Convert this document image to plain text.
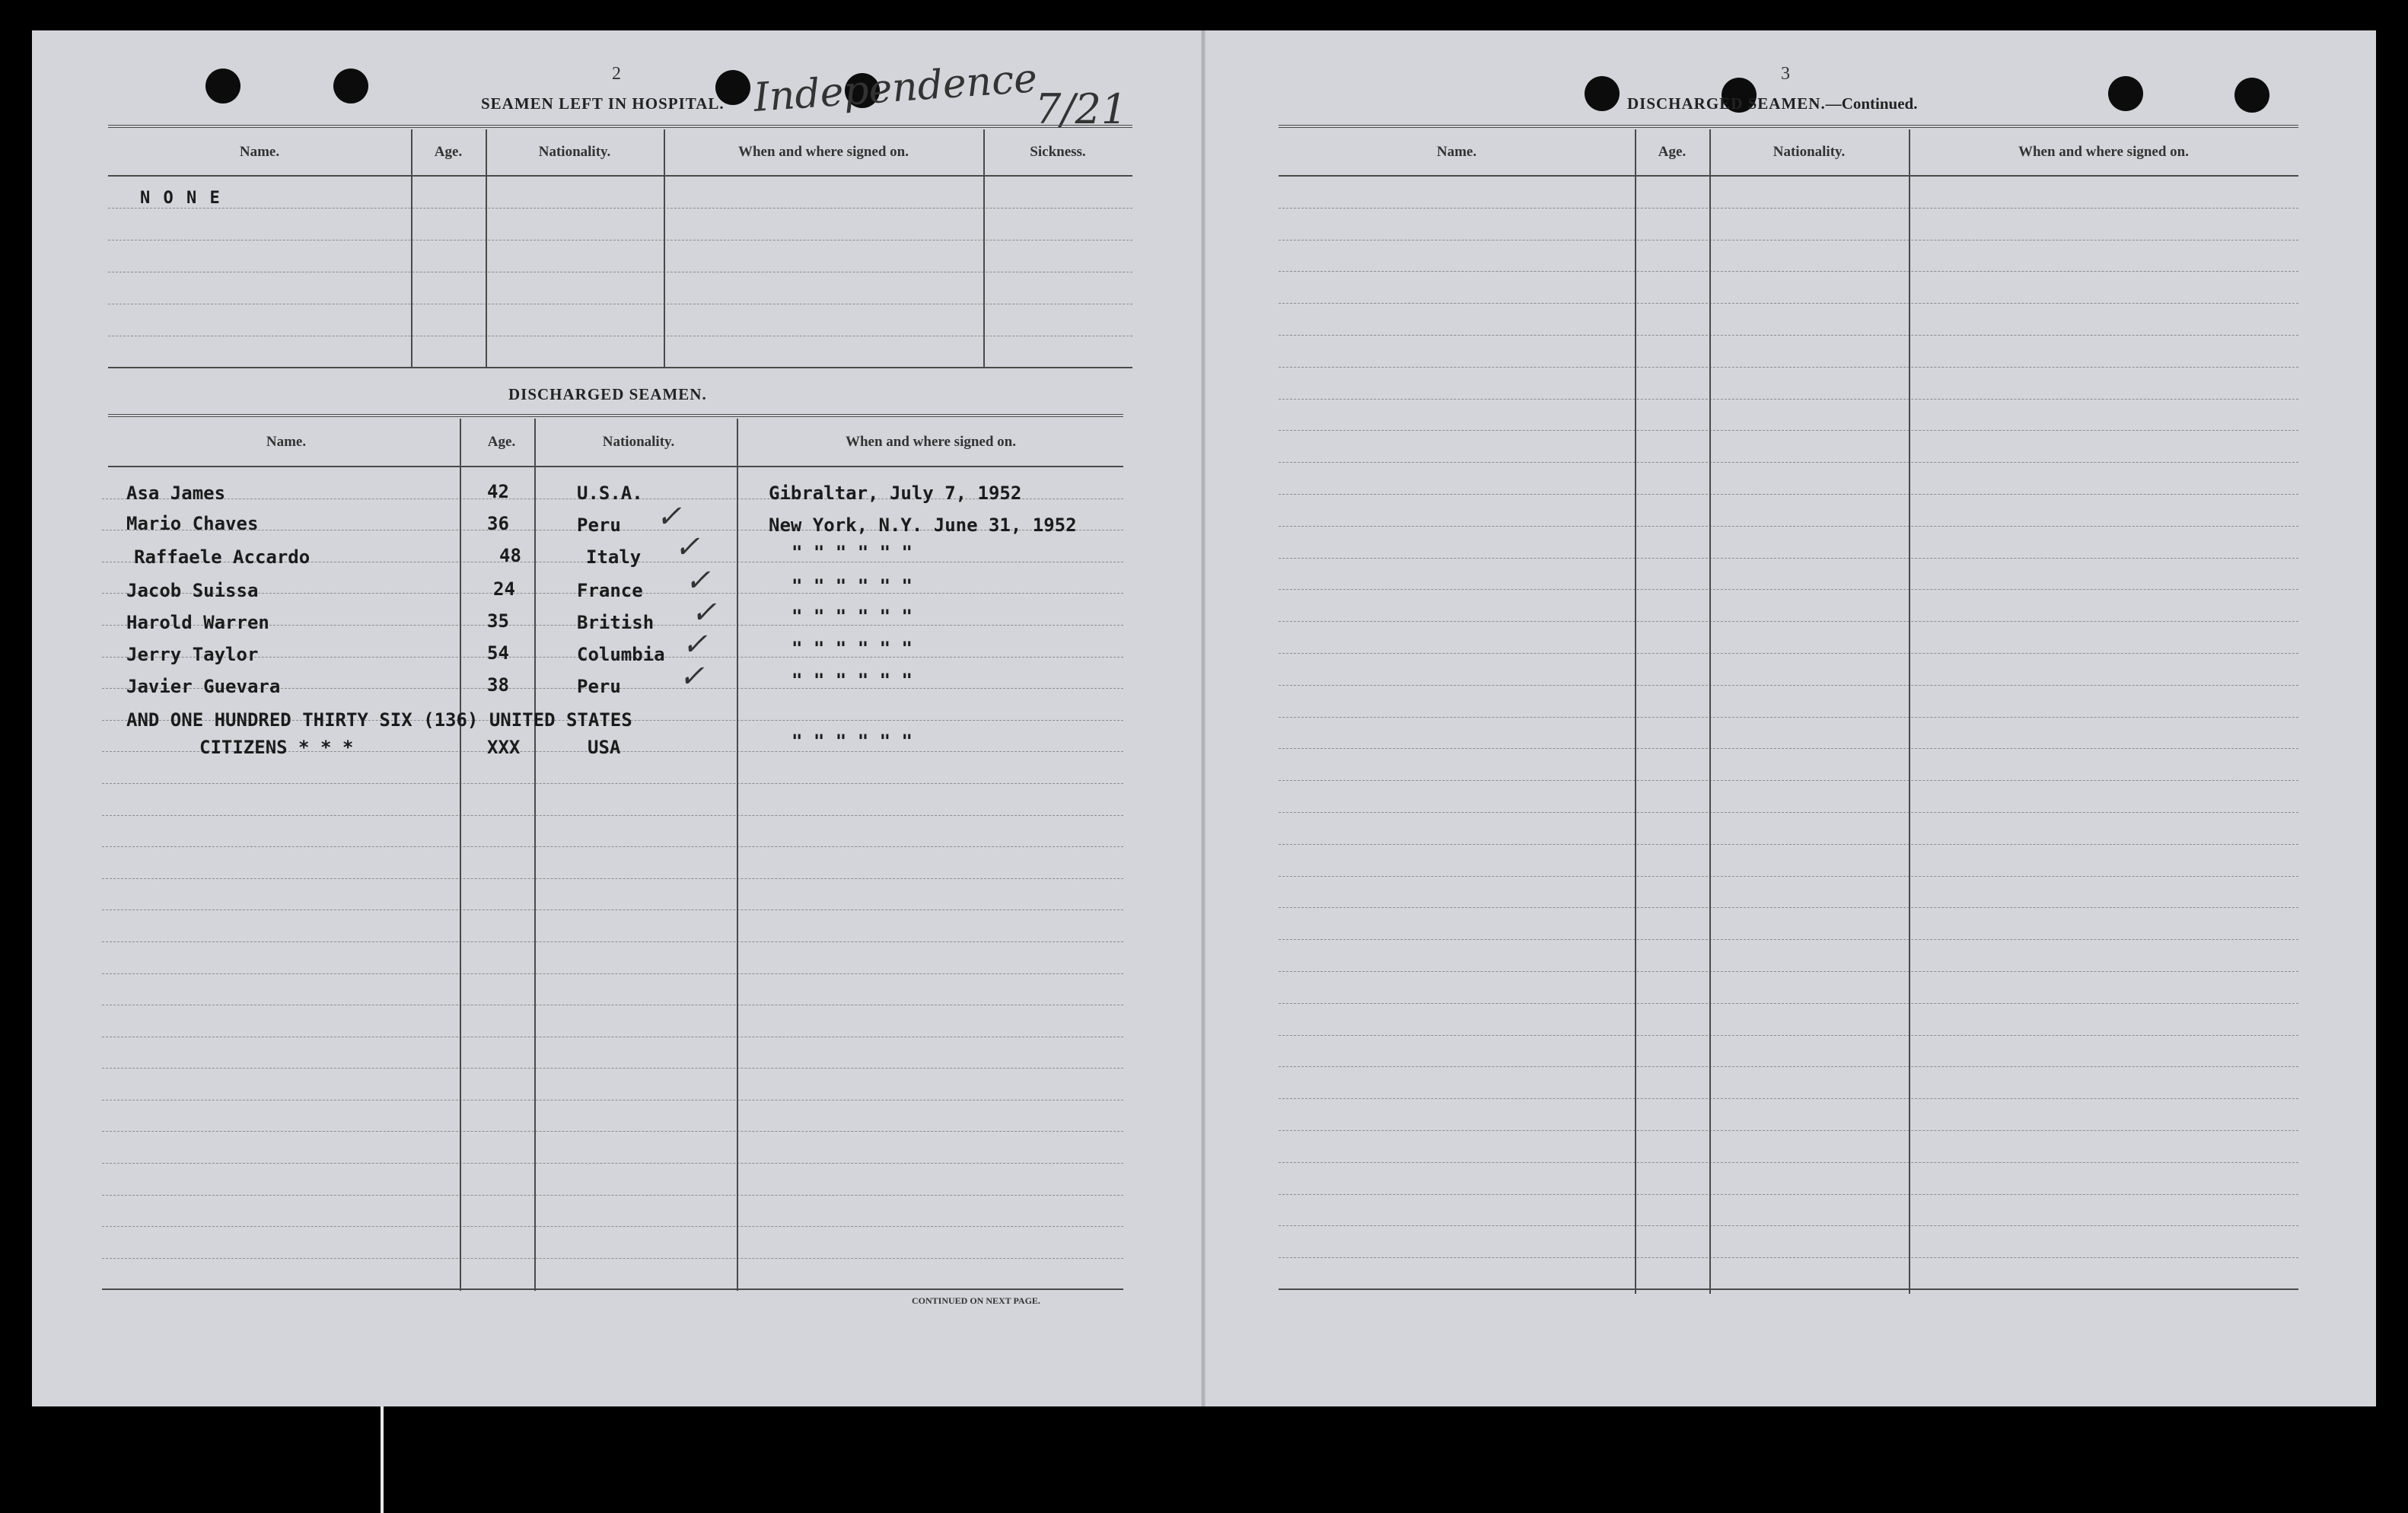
2
SEAMEN LEFT IN HOSPITAL. Independence
7/21
Name.	Age.	Nationality.	When and where signed on.	Sickness.
N O N E
DISCHARGED SEAMEN.
Name.	Age.	Nationality.	When and where signed on.
Asa James	42	U.S.A.	Gibraltar, July 7, 1952
Mario Chaves	36	Peru ✓	New York, N.Y. June 31, 1952
Raffaele Accardo	48	Italy ✓	" " " " " "
Jacob Suissa	24	France ✓	" " " " " "
Harold Warren	35	British ✓	" " " " " "
Jerry Taylor	54	Columbia ✓	" " " " " "
Javier Guevara	38	Peru ✓	" " " " " "
AND ONE HUNDRED THIRTY SIX (136) UNITED STATES
CITIZENS * * *	XXX	USA	" " " " " "
CONTINUED ON NEXT PAGE.
3
DISCHARGED SEAMEN.—Continued.
Name.	Age.	Nationality.	When and where signed on.
